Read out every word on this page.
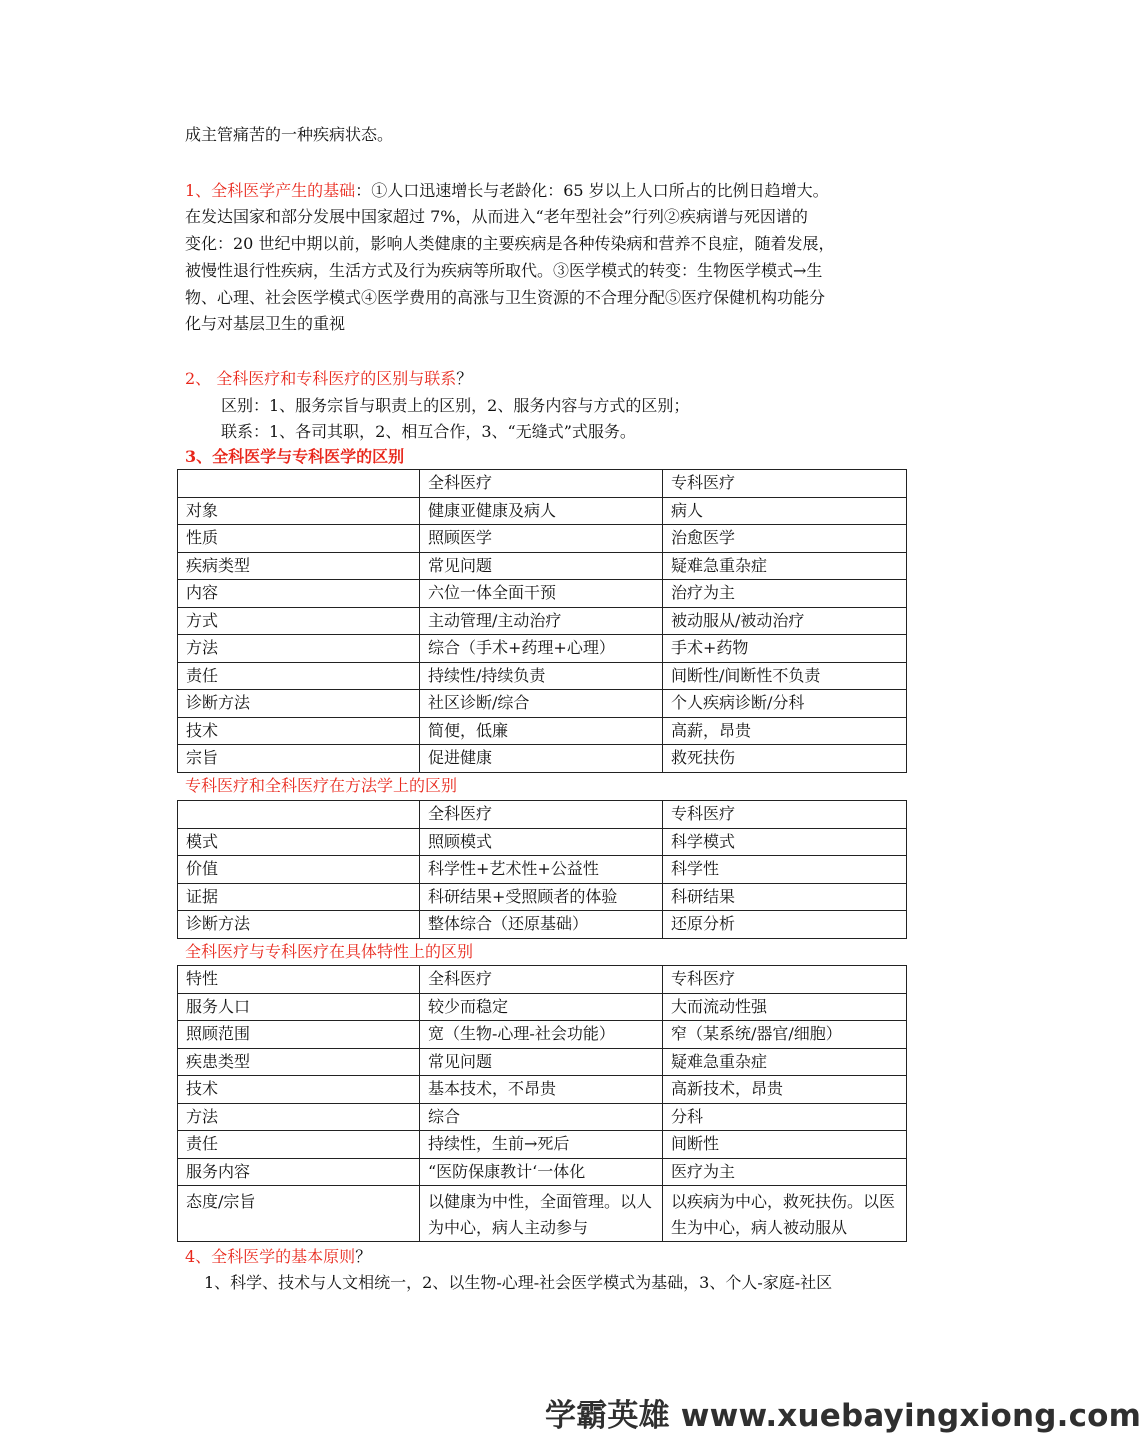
成主管痛苦的一种疾病状态。
1、全科医学产生的基础：①人口迅速增长与老龄化：65 岁以上人口所占的比例日趋增大。
在发达国家和部分发展中国家超过 7%，从而进入“老年型社会”行列②疾病谱与死因谱的
变化：20 世纪中期以前，影响人类健康的主要疾病是各种传染病和营养不良症，随着发展，
被慢性退行性疾病，生活方式及行为疾病等所取代。③医学模式的转变：生物医学模式→生
物、心理、社会医学模式④医学费用的高涨与卫生资源的不合理分配⑤医疗保健机构功能分
化与对基层卫生的重视
2、 全科医疗和专科医疗的区别与联系？
区别：1、服务宗旨与职责上的区别，2、服务内容与方式的区别；
联系：1、各司其职，2、相互合作，3、“无缝式”式服务。
3、全科医学与专科医学的区别
	全科医疗	专科医疗
对象	健康亚健康及病人	病人
性质	照顾医学	治愈医学
疾病类型	常见问题	疑难急重杂症
内容	六位一体全面干预	治疗为主
方式	主动管理/主动治疗	被动服从/被动治疗
方法	综合（手术+药理+心理）	手术+药物
责任	持续性/持续负责	间断性/间断性不负责
诊断方法	社区诊断/综合	个人疾病诊断/分科
技术	简便，低廉	高薪，昂贵
宗旨	促进健康	救死扶伤
专科医疗和全科医疗在方法学上的区别
	全科医疗	专科医疗
模式	照顾模式	科学模式
价值	科学性+艺术性+公益性	科学性
证据	科研结果+受照顾者的体验	科研结果
诊断方法	整体综合（还原基础）	还原分析
全科医疗与专科医疗在具体特性上的区别
特性	全科医疗	专科医疗
服务人口	较少而稳定	大而流动性强
照顾范围	宽（生物-心理-社会功能）	窄（某系统/器官/细胞）
疾患类型	常见问题	疑难急重杂症
技术	基本技术，不昂贵	高新技术，昂贵
方法	综合	分科
责任	持续性，生前→死后	间断性
服务内容	“医防保康教计‘一体化	医疗为主
态度/宗旨	以健康为中性，全面管理。以人为中心，病人主动参与	以疾病为中心，救死扶伤。以医生为中心，病人被动服从
4、全科医学的基本原则？
1、科学、技术与人文相统一，2、以生物-心理-社会医学模式为基础，3、个人-家庭-社区
学霸英雄 www.xuebayingxiong.com
